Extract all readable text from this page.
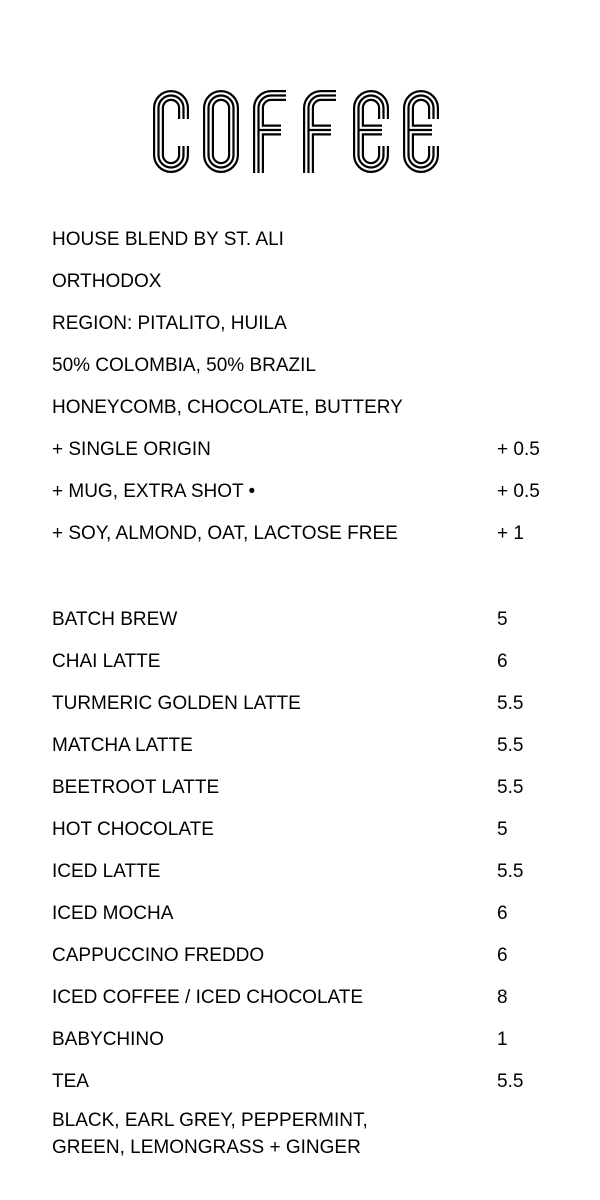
HOUSE BLEND BY ST. ALI
ORTHODOX
REGION: PITALITO, HUILA
50% COLOMBIA, 50% BRAZIL
HONEYCOMB, CHOCOLATE, BUTTERY
+ SINGLE ORIGIN	+ 0.5
+ MUG, EXTRA SHOT •	+ 0.5
+ SOY, ALMOND, OAT, LACTOSE FREE	+ 1
BATCH BREW	5
CHAI LATTE	6
TURMERIC GOLDEN LATTE	5.5
MATCHA LATTE	5.5
BEETROOT LATTE	5.5
HOT CHOCOLATE	5
ICED LATTE	5.5
ICED MOCHA	6
CAPPUCCINO FREDDO	6
ICED COFFEE / ICED CHOCOLATE	8
BABYCHINO	1
TEA	5.5
BLACK, EARL GREY, PEPPERMINT,
GREEN, LEMONGRASS + GINGER
